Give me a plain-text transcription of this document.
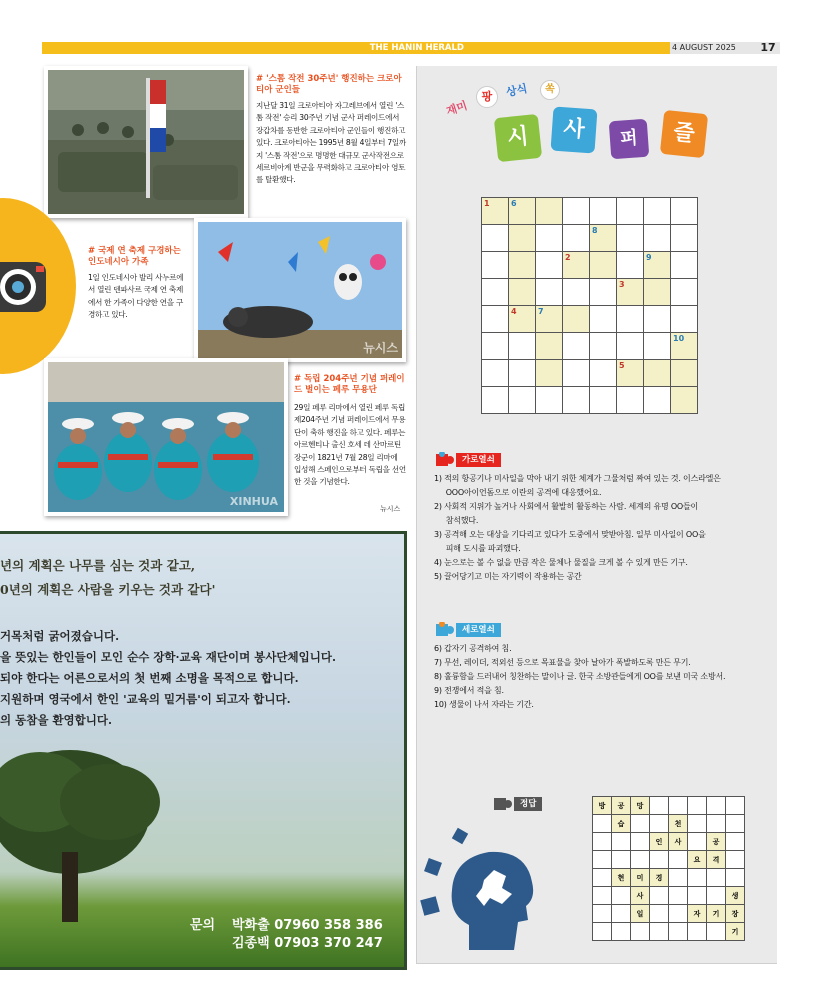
THE HANIN HERALD	4 AUGUST 2025	17
# '스톰 작전 30주년' 행진하는 크로아티아 군인들
지난달 31일 크로아티아 자그레브에서 열린 '스톰 작전' 승리 30주년 기념 군사 퍼레이드에서 장갑차를 동반한 크로아티아 군인들이 행진하고 있다. 크로아티아는 1995년 8월 4일부터 7일까지 '스톰 작전'으로 명명한 대규모 군사작전으로 세르비아계 반군을 무력화하고 크로아티아 영토를 탈환했다.
# 국제 연 축제 구경하는 인도네시아 가족
1일 인도네시아 발리 사누르에서 열린 덴파사르 국제 연 축제에서 한 가족이 다양한 연을 구경하고 있다.
뉴시스
XINHUA
# 독립 204주년 기념 퍼레이드 벌이는 페루 무용단
29일 페루 리마에서 열린 페루 독립 제204주년 기념 퍼레이드에서 무용단이 축하 행진을 하고 있다. 페루는 아르헨티나 출신 호세 데 산마르틴 장군이 1821년 7월 28일 리마에 입성해 스페인으로부터 독립을 선언한 것을 기념한다.
뉴시스
재미
팡	상식	쏙
시	사	퍼	즐
1	6						

				8			

			2			9	

					3		

	4	7					

							10

					5		

가로열쇠
1) 적의 항공기나 미사일을 막아 내기 위한 체계가 그물처럼 짜여 있는 것. 이스라엘은
OOO아이언돔으로 이란의 공격에 대응했어요.
2) 사회적 지위가 높거나 사회에서 활발히 활동하는 사람. 세계의 유명 OO들이
참석했다.
3) 공격해 오는 대상을 기다리고 있다가 도중에서 맞받아침. 일부 미사일이 OO을
피해 도시를 파괴했다.
4) 눈으로는 볼 수 없을 만큼 작은 물체나 물질을 크게 볼 수 있게 만든 기구.
5) 끌어당기고 미는 자기력이 작용하는 공간
세로열쇠
6) 갑자기 공격하여 침.
7) 무선, 레이더, 적외선 등으로 목표물을 찾아 날아가 폭발하도록 만든 무기.
8) 훌륭함을 드러내어 칭찬하는 말이나 글. 한국 소방관들에게 OO를 보낸 미국 소방서.
9) 전쟁에서 적을 침.
10) 생물이 나서 자라는 기간.
정답	방	공	망					
	습			천			
			인	사		공	
					요	격	
	현	미	경				
		사					생
		일			자	기	장
							기
년의 계획은 나무를 심는 것과 같고,
0년의 계획은 사람을 키우는 것과 같다'
거목처럼 굵어졌습니다.
을 뜻있는 한인들이 모인 순수 장학·교육 재단이며 봉사단체입니다.
되야 한다는 어른으로서의 첫 번째 소명을 목적으로 합니다.
지원하며 영국에서 한인 '교육의 밑거름'이 되고자 합니다.
의 동참을 환영합니다.
문의 박화출 07960 358 386
김종백 07903 370 247
